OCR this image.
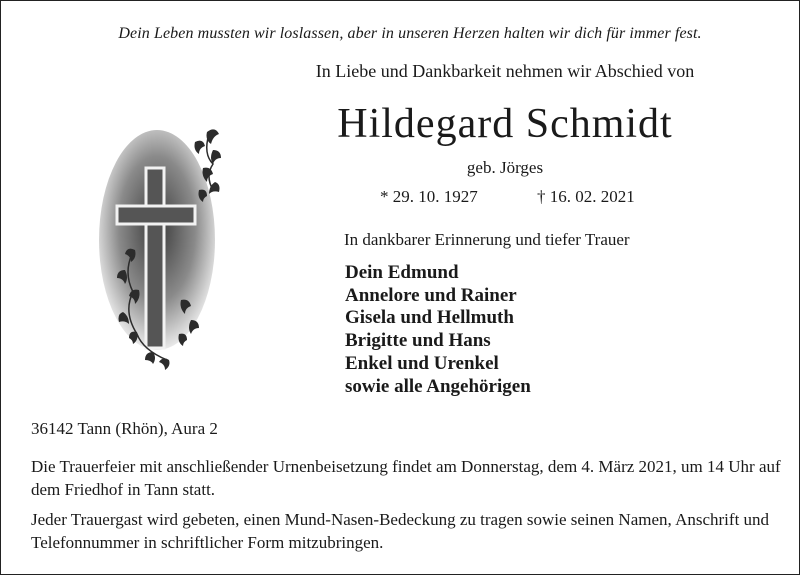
Dein Leben mussten wir loslassen, aber in unseren Herzen halten wir dich für immer fest.
In Liebe und Dankbarkeit nehmen wir Abschied von
Hildegard Schmidt
geb. Jörges
* 29. 10. 1927	† 16. 02. 2021
In dankbarer Erinnerung und tiefer Trauer
Dein Edmund
Annelore und Rainer
Gisela und Hellmuth
Brigitte und Hans
Enkel und Urenkel
sowie alle Angehörigen
36142 Tann (Rhön), Aura 2
Die Trauerfeier mit anschließender Urnenbeisetzung findet am Donnerstag, dem 4. März 2021, um 14 Uhr auf dem Friedhof in Tann statt.
Jeder Trauergast wird gebeten, einen Mund-Nasen-Bedeckung zu tragen sowie seinen Namen, Anschrift und Telefonnummer in schriftlicher Form mitzubringen.
